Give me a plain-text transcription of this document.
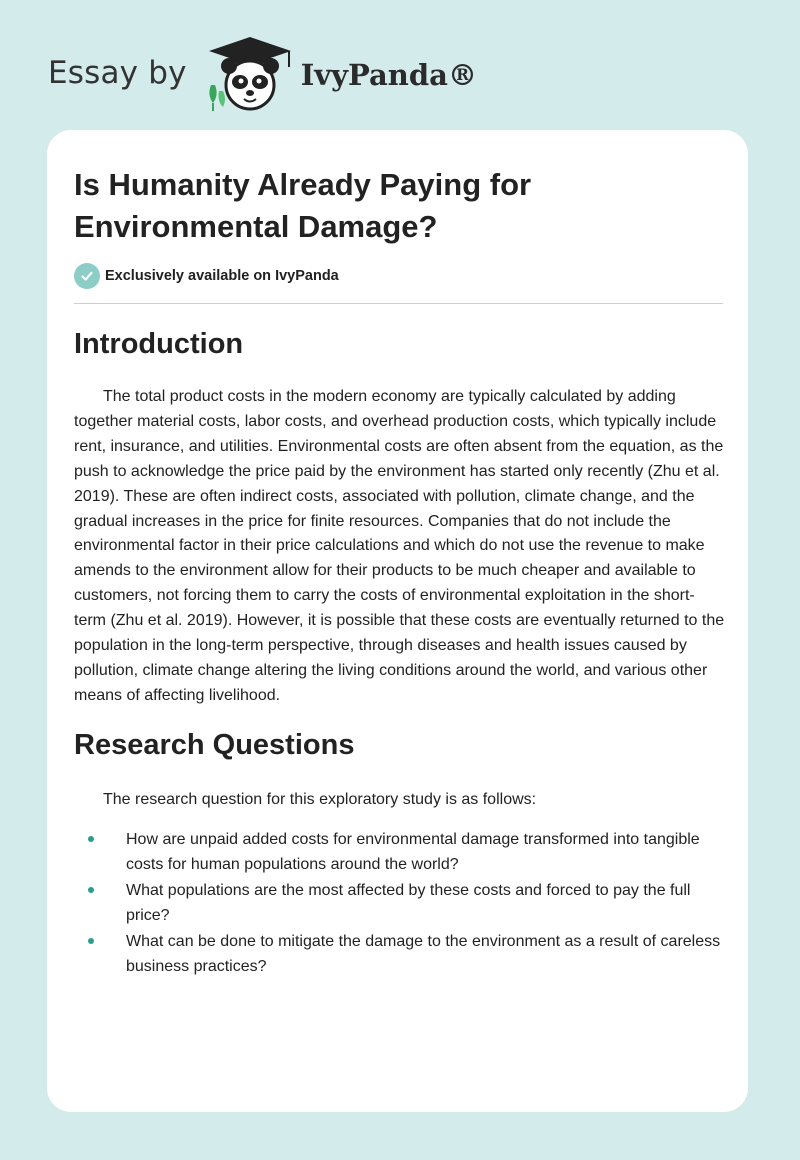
Essay by	IvyPanda®
Is Humanity Already Paying for Environmental Damage?
Exclusively available on IvyPanda
Introduction

The total product costs in the modern economy are typically calculated by adding together material costs, labor costs, and overhead production costs, which typically include rent, insurance, and utilities. Environmental costs are often absent from the equation, as the push to acknowledge the price paid by the environment has started only recently (Zhu et al. 2019). These are often indirect costs, associated with pollution, climate change, and the gradual increases in the price for finite resources. Companies that do not include the environmental factor in their price calculations and which do not use the revenue to make amends to the environment allow for their products to be much cheaper and available to customers, not forcing them to carry the costs of environmental exploitation in the short-term (Zhu et al. 2019). However, it is possible that these costs are eventually returned to the population in the long-term perspective, through diseases and health issues caused by pollution, climate change altering the living conditions around the world, and various other means of affecting livelihood.

Research Questions

The research question for this exploratory study is as follows:

How are unpaid added costs for environmental damage transformed into tangible costs for human populations around the world?
What populations are the most affected by these costs and forced to pay the full price?
What can be done to mitigate the damage to the environment as a result of careless business practices?
